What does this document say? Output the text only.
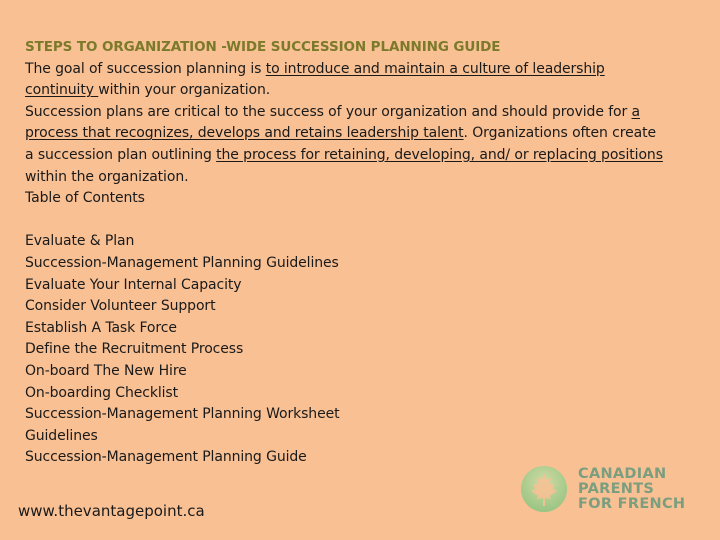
STEPS TO ORGANIZATION -WIDE SUCCESSION PLANNING GUIDE
The goal of succession planning is to introduce and maintain a culture of leadership continuity within your organization.
Succession plans are critical to the success of your organization and should provide for a process that recognizes, develops and retains leadership talent. Organizations often create a succession plan outlining the process for retaining, developing, and/ or replacing positions within the organization.
Table of Contents
Evaluate & Plan
Succession-Management Planning Guidelines
Evaluate Your Internal Capacity
Consider Volunteer Support
Establish A Task Force
Define the Recruitment Process
On-board The New Hire
On-boarding Checklist
Succession-Management Planning Worksheet
Guidelines
Succession-Management Planning Guide
www.thevantagepoint.ca
CANADIAN
PARENTS
FOR FRENCH
